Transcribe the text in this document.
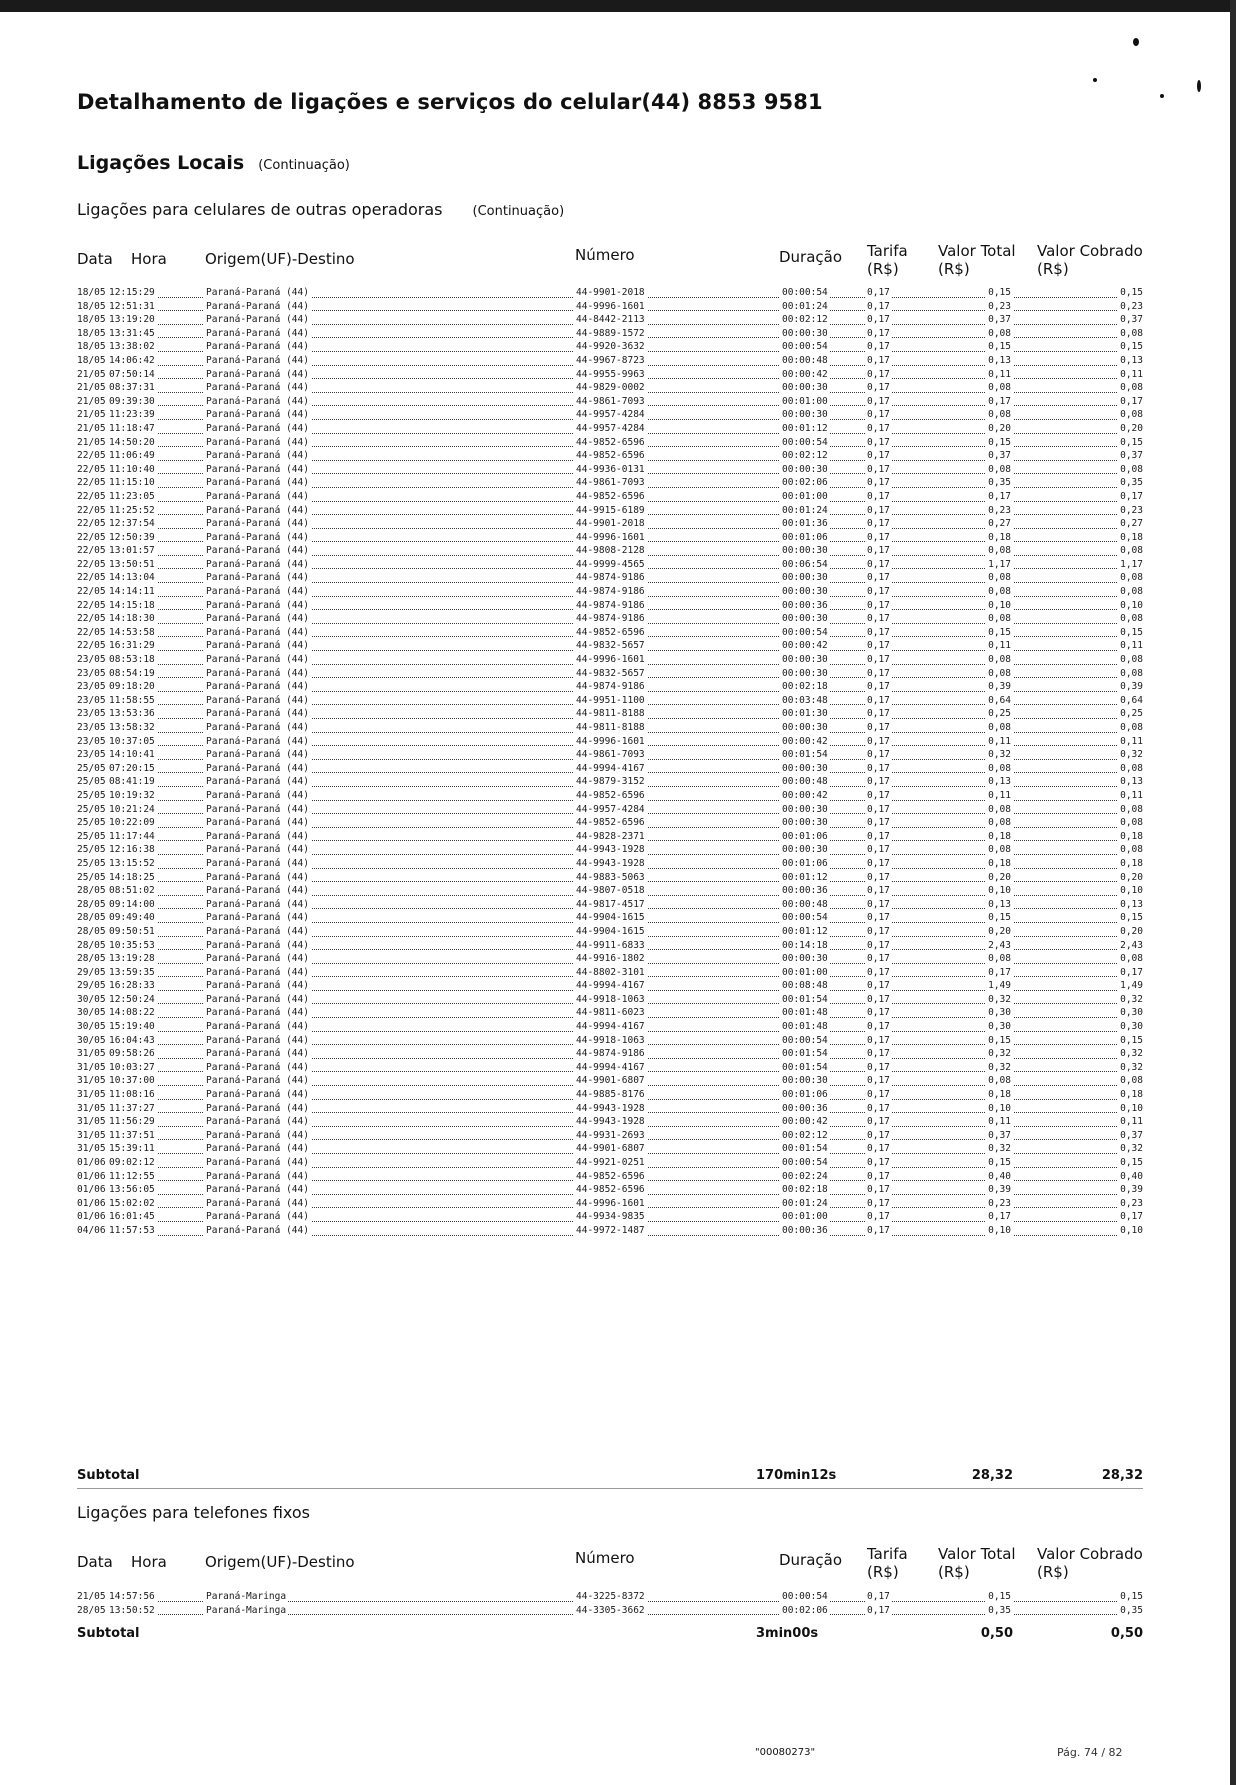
Detalhamento de ligações e serviços do celular(44) 8853 9581
Ligações Locais (Continuação)
Ligações para celulares de outras operadoras (Continuação)
Data Hora	Origem(UF)-Destino	Número	Duração Tarifa (R$)
Valor Total (R$)
Valor Cobrado (R$)
18/05 12:15:29	Paraná-Paraná (44)	44-9901-2018	00:00:54	0,17	0,15	0,15
18/05 12:51:31	Paraná-Paraná (44)	44-9996-1601	00:01:24	0,17	0,23	0,23
18/05 13:19:20	Paraná-Paraná (44)	44-8442-2113	00:02:12	0,17	0,37	0,37
18/05 13:31:45	Paraná-Paraná (44)	44-9889-1572	00:00:30	0,17	0,08	0,08
18/05 13:38:02	Paraná-Paraná (44)	44-9920-3632	00:00:54	0,17	0,15	0,15
18/05 14:06:42	Paraná-Paraná (44)	44-9967-8723	00:00:48	0,17	0,13	0,13
21/05 07:50:14	Paraná-Paraná (44)	44-9955-9963	00:00:42	0,17	0,11	0,11
21/05 08:37:31	Paraná-Paraná (44)	44-9829-0002	00:00:30	0,17	0,08	0,08
21/05 09:39:30	Paraná-Paraná (44)	44-9861-7093	00:01:00	0,17	0,17	0,17
21/05 11:23:39	Paraná-Paraná (44)	44-9957-4284	00:00:30	0,17	0,08	0,08
21/05 11:18:47	Paraná-Paraná (44)	44-9957-4284	00:01:12	0,17	0,20	0,20
21/05 14:50:20	Paraná-Paraná (44)	44-9852-6596	00:00:54	0,17	0,15	0,15
22/05 11:06:49	Paraná-Paraná (44)	44-9852-6596	00:02:12	0,17	0,37	0,37
22/05 11:10:40	Paraná-Paraná (44)	44-9936-0131	00:00:30	0,17	0,08	0,08
22/05 11:15:10	Paraná-Paraná (44)	44-9861-7093	00:02:06	0,17	0,35	0,35
22/05 11:23:05	Paraná-Paraná (44)	44-9852-6596	00:01:00	0,17	0,17	0,17
22/05 11:25:52	Paraná-Paraná (44)	44-9915-6189	00:01:24	0,17	0,23	0,23
22/05 12:37:54	Paraná-Paraná (44)	44-9901-2018	00:01:36	0,17	0,27	0,27
22/05 12:50:39	Paraná-Paraná (44)	44-9996-1601	00:01:06	0,17	0,18	0,18
22/05 13:01:57	Paraná-Paraná (44)	44-9808-2128	00:00:30	0,17	0,08	0,08
22/05 13:50:51	Paraná-Paraná (44)	44-9999-4565	00:06:54	0,17	1,17	1,17
22/05 14:13:04	Paraná-Paraná (44)	44-9874-9186	00:00:30	0,17	0,08	0,08
22/05 14:14:11	Paraná-Paraná (44)	44-9874-9186	00:00:30	0,17	0,08	0,08
22/05 14:15:18	Paraná-Paraná (44)	44-9874-9186	00:00:36	0,17	0,10	0,10
22/05 14:18:30	Paraná-Paraná (44)	44-9874-9186	00:00:30	0,17	0,08	0,08
22/05 14:53:58	Paraná-Paraná (44)	44-9852-6596	00:00:54	0,17	0,15	0,15
22/05 16:31:29	Paraná-Paraná (44)	44-9832-5657	00:00:42	0,17	0,11	0,11
23/05 08:53:18	Paraná-Paraná (44)	44-9996-1601	00:00:30	0,17	0,08	0,08
23/05 08:54:19	Paraná-Paraná (44)	44-9832-5657	00:00:30	0,17	0,08	0,08
23/05 09:18:20	Paraná-Paraná (44)	44-9874-9186	00:02:18	0,17	0,39	0,39
23/05 11:58:55	Paraná-Paraná (44)	44-9951-1100	00:03:48	0,17	0,64	0,64
23/05 13:53:36	Paraná-Paraná (44)	44-9811-8188	00:01:30	0,17	0,25	0,25
23/05 13:58:32	Paraná-Paraná (44)	44-9811-8188	00:00:30	0,17	0,08	0,08
23/05 10:37:05	Paraná-Paraná (44)	44-9996-1601	00:00:42	0,17	0,11	0,11
23/05 14:10:41	Paraná-Paraná (44)	44-9861-7093	00:01:54	0,17	0,32	0,32
25/05 07:20:15	Paraná-Paraná (44)	44-9994-4167	00:00:30	0,17	0,08	0,08
25/05 08:41:19	Paraná-Paraná (44)	44-9879-3152	00:00:48	0,17	0,13	0,13
25/05 10:19:32	Paraná-Paraná (44)	44-9852-6596	00:00:42	0,17	0,11	0,11
25/05 10:21:24	Paraná-Paraná (44)	44-9957-4284	00:00:30	0,17	0,08	0,08
25/05 10:22:09	Paraná-Paraná (44)	44-9852-6596	00:00:30	0,17	0,08	0,08
25/05 11:17:44	Paraná-Paraná (44)	44-9828-2371	00:01:06	0,17	0,18	0,18
25/05 12:16:38	Paraná-Paraná (44)	44-9943-1928	00:00:30	0,17	0,08	0,08
25/05 13:15:52	Paraná-Paraná (44)	44-9943-1928	00:01:06	0,17	0,18	0,18
25/05 14:18:25	Paraná-Paraná (44)	44-9883-5063	00:01:12	0,17	0,20	0,20
28/05 08:51:02	Paraná-Paraná (44)	44-9807-0518	00:00:36	0,17	0,10	0,10
28/05 09:14:00	Paraná-Paraná (44)	44-9817-4517	00:00:48	0,17	0,13	0,13
28/05 09:49:40	Paraná-Paraná (44)	44-9904-1615	00:00:54	0,17	0,15	0,15
28/05 09:50:51	Paraná-Paraná (44)	44-9904-1615	00:01:12	0,17	0,20	0,20
28/05 10:35:53	Paraná-Paraná (44)	44-9911-6833	00:14:18	0,17	2,43	2,43
28/05 13:19:28	Paraná-Paraná (44)	44-9916-1802	00:00:30	0,17	0,08	0,08
29/05 13:59:35	Paraná-Paraná (44)	44-8802-3101	00:01:00	0,17	0,17	0,17
29/05 16:28:33	Paraná-Paraná (44)	44-9994-4167	00:08:48	0,17	1,49	1,49
30/05 12:50:24	Paraná-Paraná (44)	44-9918-1063	00:01:54	0,17	0,32	0,32
30/05 14:08:22	Paraná-Paraná (44)	44-9811-6023	00:01:48	0,17	0,30	0,30
30/05 15:19:40	Paraná-Paraná (44)	44-9994-4167	00:01:48	0,17	0,30	0,30
30/05 16:04:43	Paraná-Paraná (44)	44-9918-1063	00:00:54	0,17	0,15	0,15
31/05 09:58:26	Paraná-Paraná (44)	44-9874-9186	00:01:54	0,17	0,32	0,32
31/05 10:03:27	Paraná-Paraná (44)	44-9994-4167	00:01:54	0,17	0,32	0,32
31/05 10:37:00	Paraná-Paraná (44)	44-9901-6807	00:00:30	0,17	0,08	0,08
31/05 11:08:16	Paraná-Paraná (44)	44-9885-8176	00:01:06	0,17	0,18	0,18
31/05 11:37:27	Paraná-Paraná (44)	44-9943-1928	00:00:36	0,17	0,10	0,10
31/05 11:56:29	Paraná-Paraná (44)	44-9943-1928	00:00:42	0,17	0,11	0,11
31/05 11:37:51	Paraná-Paraná (44)	44-9931-2693	00:02:12	0,17	0,37	0,37
31/05 15:39:11	Paraná-Paraná (44)	44-9901-6807	00:01:54	0,17	0,32	0,32
01/06 09:02:12	Paraná-Paraná (44)	44-9921-0251	00:00:54	0,17	0,15	0,15
01/06 11:12:55	Paraná-Paraná (44)	44-9852-6596	00:02:24	0,17	0,40	0,40
01/06 13:56:05	Paraná-Paraná (44)	44-9852-6596	00:02:18	0,17	0,39	0,39
01/06 15:02:02	Paraná-Paraná (44)	44-9996-1601	00:01:24	0,17	0,23	0,23
01/06 16:01:45	Paraná-Paraná (44)	44-9934-9835	00:01:00	0,17	0,17	0,17
04/06 11:57:53	Paraná-Paraná (44)	44-9972-1487	00:00:36	0,17	0,10	0,10
Subtotal	170min12s	28,32	28,32
Ligações para telefones fixos
Data Hora	Origem(UF)-Destino	Número	Duração Tarifa (R$)
Valor Total (R$)
Valor Cobrado (R$)
21/05 14:57:56	Paraná-Maringa	44-3225-8372	00:00:54	0,17	0,15	0,15
28/05 13:50:52	Paraná-Maringa	44-3305-3662	00:02:06	0,17	0,35	0,35
Subtotal	3min00s	0,50	0,50
"00080273"	Pág. 74 / 82
